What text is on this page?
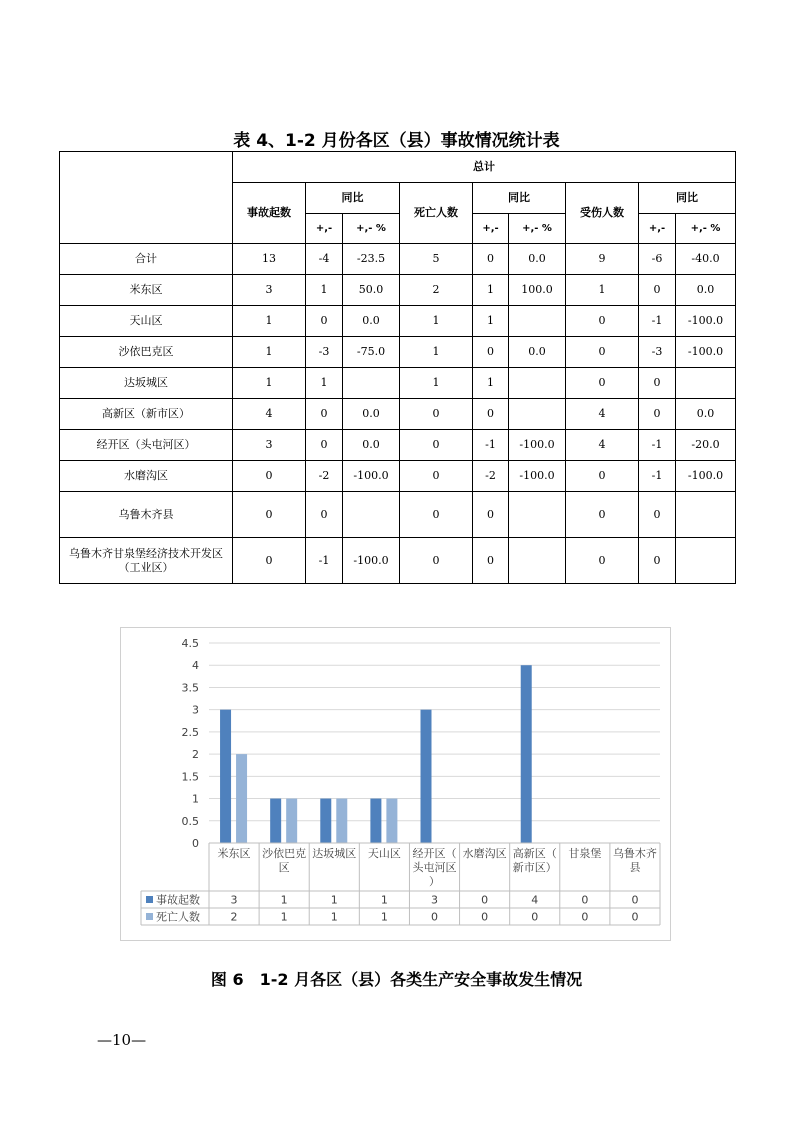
表 4、1-2 月份各区（县）事故情况统计表
	总计								
	事故起数	同比		死亡人数	同比		受伤人数	同比	
		+,-	+,- %		+,-	+,- %		+,-	+,- %
合计	13	-4	-23.5	5	0	0.0	9	-6	-40.0
米东区	3	1	50.0	2	1	100.0	1	0	0.0
天山区	1	0	0.0	1	1		0	-1	-100.0
沙依巴克区	1	-3	-75.0	1	0	0.0	0	-3	-100.0
达坂城区	1	1		1	1		0	0	
高新区（新市区）	4	0	0.0	0	0		4	0	0.0
经开区（头屯河区）	3	0	0.0	0	-1	-100.0	4	-1	-20.0
水磨沟区	0	-2	-100.0	0	-2	-100.0	0	-1	-100.0
乌鲁木齐县	0	0		0	0		0	0	
乌鲁木齐甘泉堡经济技术开发区（工业区）	0	-1	-100.0	0	0		0	0	
0
0.5
1
1.5
2
2.5
3
3.5
4
4.5
米东区 沙依巴克
区
达坂城区 天山区 经开区（
头屯河区
）
水磨沟区 高新区（
新市区）
甘泉堡 乌鲁木齐
县
事故起数	3	1	1	1	3	0	4	0	0
死亡人数	2	1	1	1	0	0	0	0	0
图 6　1-2 月各区（县）各类生产安全事故发生情况
—10—
